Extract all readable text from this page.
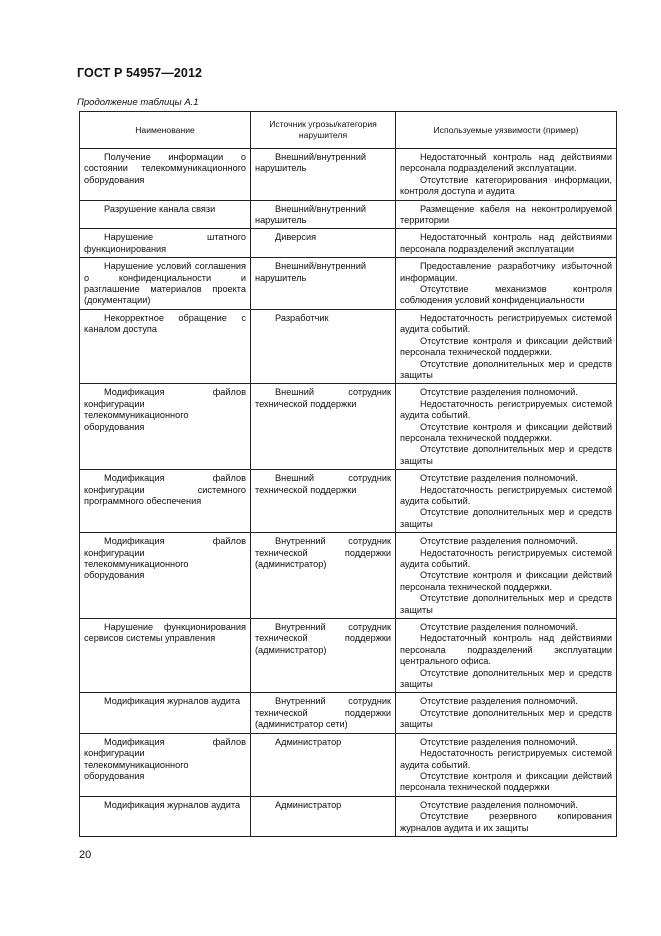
ГОСТ Р 54957—2012
Продолжение таблицы А.1
Наименование	Источник угрозы/категория нарушителя	Используемые уязвимости (пример)

Получение информации о состоянии телекоммуникационного оборудования	Внешний/внутренний нарушитель	Недостаточный контроль над действиями персонала подразделений эксплуатации.
Отсутствие категорирования информации, контроля доступа и аудита

Разрушение канала связи	Внешний/внутренний нарушитель	Размещение кабеля на неконтролируемой территории

Нарушение штатного функционирования	Диверсия	Недостаточный контроль над действиями персонала подразделений эксплуатации

Нарушение условий соглашения о конфиденциальности и разглашение материалов проекта (документации)	Внешний/внутренний нарушитель	Предоставление разработчику избыточной информации.
Отсутствие механизмов контроля соблюдения условий конфиденциальности

Некорректное обращение с каналом доступа	Разработчик	Недостаточность регистрируемых системой аудита событий.
Отсутствие контроля и фиксации действий персонала технической поддержки.
Отсутствие дополнительных мер и средств защиты

Модификация файлов конфигурации телекоммуникационного оборудования	Внешний сотрудник технической поддержки	Отсутствие разделения полномочий.
Недостаточность регистрируемых системой аудита событий.
Отсутствие контроля и фиксации действий персонала технической поддержки.
Отсутствие дополнительных мер и средств защиты

Модификация файлов конфигурации системного программного обеспечения	Внешний сотрудник технической поддержки	Отсутствие разделения полномочий.
Недостаточность регистрируемых системой аудита событий.
Отсутствие дополнительных мер и средств защиты

Модификация файлов конфигурации телекоммуникационного оборудования	Внутренний сотрудник технической поддержки (администратор)	Отсутствие разделения полномочий.
Недостаточность регистрируемых системой аудита событий.
Отсутствие контроля и фиксации действий персонала технической поддержки.
Отсутствие дополнительных мер и средств защиты

Нарушение функционирования сервисов системы управления	Внутренний сотрудник технической поддержки (администратор)	Отсутствие разделения полномочий.
Недостаточный контроль над действиями персонала подразделений эксплуатации центрального офиса.
Отсутствие дополнительных мер и средств защиты

Модификация журналов аудита	Внутренний сотрудник технической поддержки (администратор сети)	Отсутствие разделения полномочий.
Отсутствие дополнительных мер и средств защиты

Модификация файлов конфигурации телекоммуникационного оборудования	Администратор	Отсутствие разделения полномочий.
Недостаточность регистрируемых системой аудита событий.
Отсутствие контроля и фиксации действий персонала технической поддержки

Модификация журналов аудита	Администратор	Отсутствие разделения полномочий.
Отсутствие резервного копирования журналов аудита и их защиты
20
